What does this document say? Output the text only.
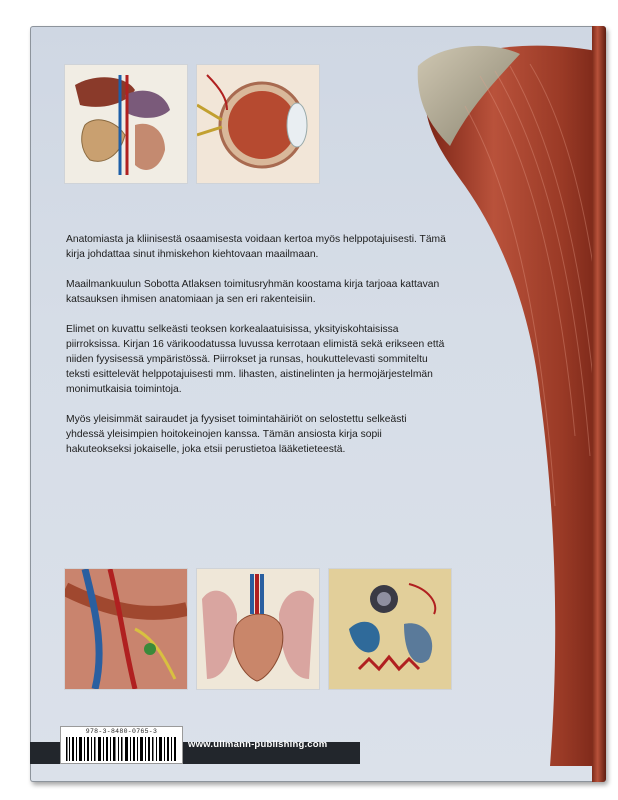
Anatomiasta ja kliinisestä osaamisesta voidaan kertoa myös helppotajuisesti. Tämä kirja johdattaa sinut ihmiskehon kiehtovaan maailmaan.

Maailmankuulun Sobotta Atlaksen toimitusryhmän koostama kirja tarjoaa kattavan katsauksen ihmisen anatomiaan ja sen eri rakenteisiin.

Elimet on kuvattu selkeästi teoksen korkealaatuisissa, yksityiskohtaisissa piirroksissa. Kirjan 16 värikoodatussa luvussa kerrotaan elimistä sekä erikseen että niiden fyysisessä ympäristössä. Piirrokset ja runsas, houkuttelevasti sommiteltu teksti esittelevät helppotajuisesti mm. lihasten, aistinelinten ja hermojärjestelmän monimutkaisia toimintoja.

Myös yleisimmät sairaudet ja fyysiset toimintahäiriöt on selostettu selkeästi yhdessä yleisimpien hoitokeinojen kanssa. Tämän ansiosta kirja sopii hakuteokseksi jokaiselle, joka etsii perustietoa lääketieteestä.

978-3-8480-0765-3
www.ullmann-publishing.com
